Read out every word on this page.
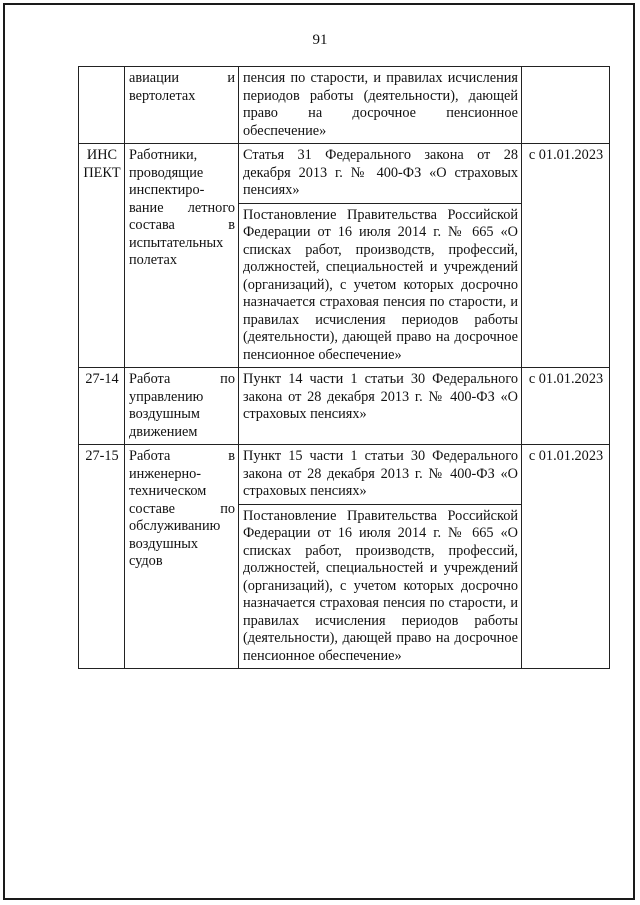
91
	авиации и вертолетах	пенсия по старости, и правилах исчисления периодов работы (деятельности), дающей право на досрочное пенсионное обеспечение»	
ИНС ПЕКТ	Работники, проводящие инспектиро-вание летного состава в испытательных полетах	Статья 31 Федерального закона от 28 декабря 2013 г. № 400-ФЗ «О страховых пенсиях»	с 01.01.2023
		Постановление Правительства Российской Федерации от 16 июля 2014 г. № 665 «О списках работ, производств, профессий, должностей, специальностей и учреждений (организаций), с учетом которых досрочно назначается страховая пенсия по старости, и правилах исчисления периодов работы (деятельности), дающей право на досрочное пенсионное обеспечение»	
27-14	Работа по управлению воздушным движением	Пункт 14 части 1 статьи 30 Федерального закона от 28 декабря 2013 г. № 400-ФЗ «О страховых пенсиях»	с 01.01.2023
27-15	Работа в инженерно-техническом составе по обслуживанию воздушных судов	Пункт 15 части 1 статьи 30 Федерального закона от 28 декабря 2013 г. № 400-ФЗ «О страховых пенсиях»	с 01.01.2023
		Постановление Правительства Российской Федерации от 16 июля 2014 г. № 665 «О списках работ, производств, профессий, должностей, специальностей и учреждений (организаций), с учетом которых досрочно назначается страховая пенсия по старости, и правилах исчисления периодов работы (деятельности), дающей право на досрочное пенсионное обеспечение»	
